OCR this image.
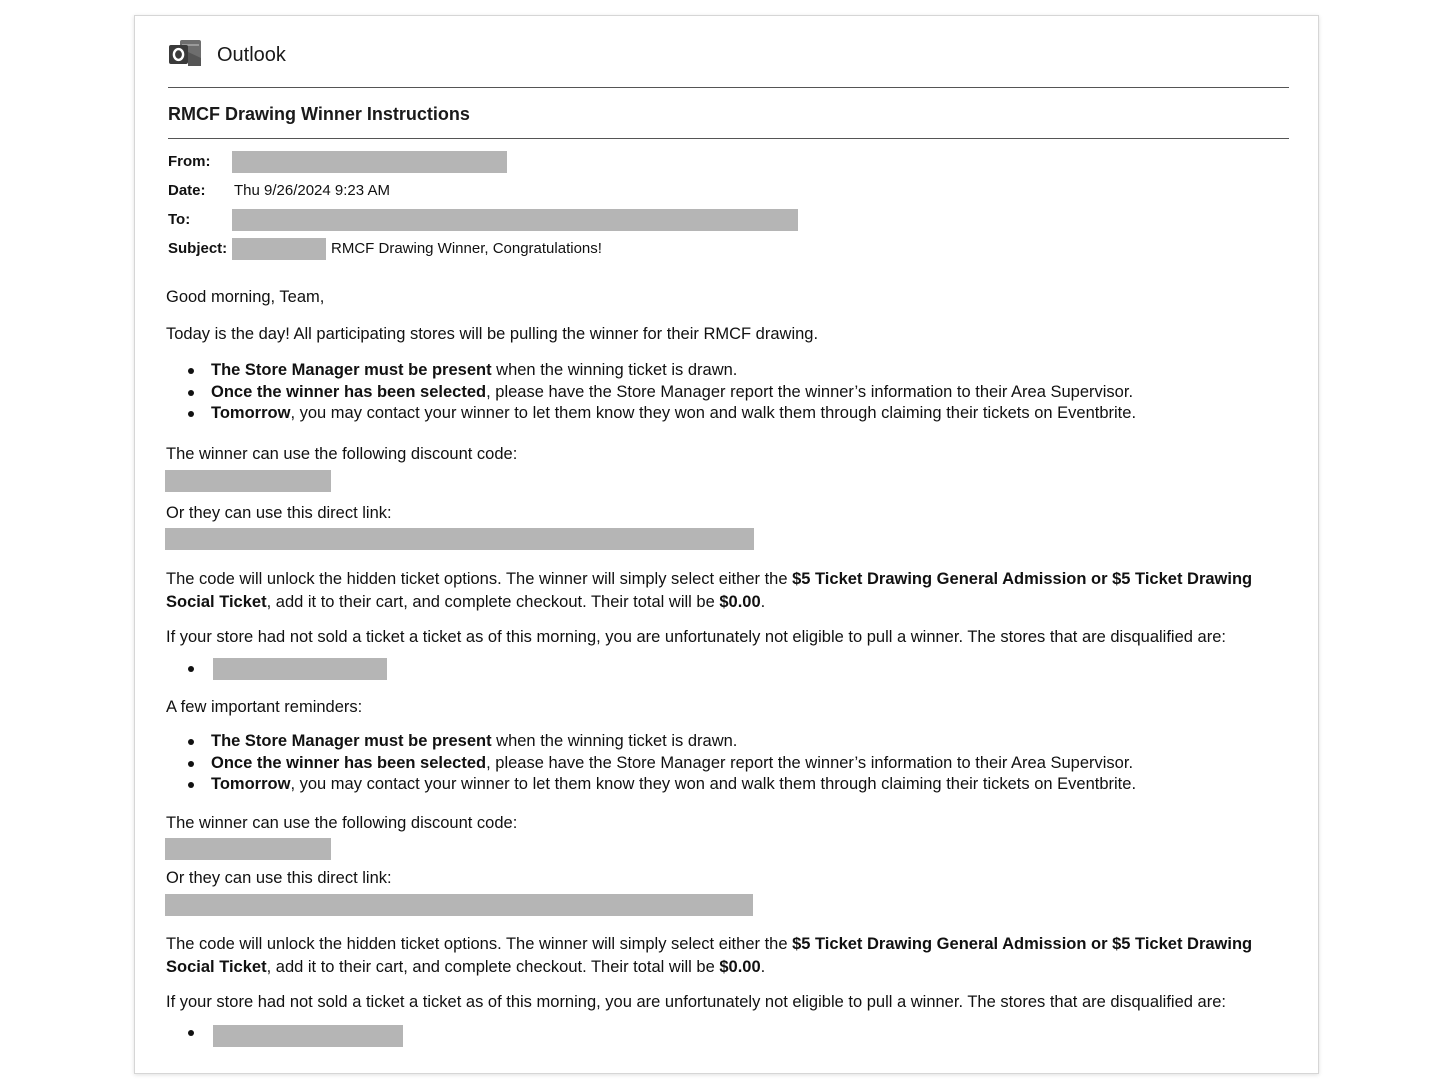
Outlook
RMCF Drawing Winner Instructions
From:
Date: Thu 9/26/2024 9:23 AM
To:
Subject:	RMCF Drawing Winner, Congratulations!
Good morning, Team,
Today is the day! All participating stores will be pulling the winner for their RMCF drawing.
The Store Manager must be present when the winning ticket is drawn.
Once the winner has been selected, please have the Store Manager report the winner’s information to their Area Supervisor.
Tomorrow, you may contact your winner to let them know they won and walk them through claiming their tickets on Eventbrite.
The winner can use the following discount code:
Or they can use this direct link:
The code will unlock the hidden ticket options. The winner will simply select either the $5 Ticket Drawing General Admission or $5 Ticket Drawing Social Ticket, add it to their cart, and complete checkout. Their total will be $0.00.
If your store had not sold a ticket a ticket as of this morning, you are unfortunately not eligible to pull a winner. The stores that are disqualified are:
A few important reminders:
The Store Manager must be present when the winning ticket is drawn.
Once the winner has been selected, please have the Store Manager report the winner’s information to their Area Supervisor.
Tomorrow, you may contact your winner to let them know they won and walk them through claiming their tickets on Eventbrite.
The winner can use the following discount code:
Or they can use this direct link:
The code will unlock the hidden ticket options. The winner will simply select either the $5 Ticket Drawing General Admission or $5 Ticket Drawing Social Ticket, add it to their cart, and complete checkout. Their total will be $0.00.
If your store had not sold a ticket a ticket as of this morning, you are unfortunately not eligible to pull a winner. The stores that are disqualified are:
